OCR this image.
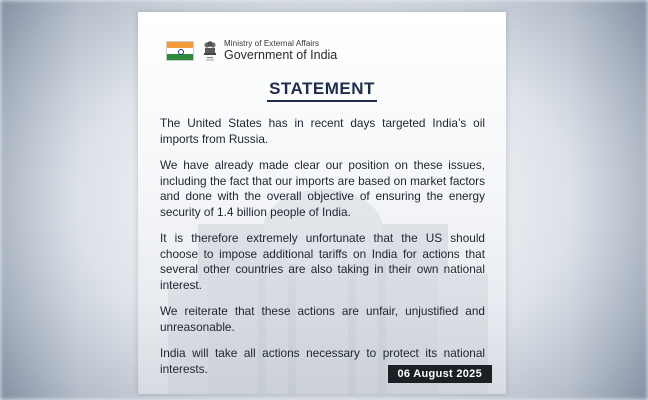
Ministry of External Affairs
Government of India
STATEMENT

The United States has in recent days targeted India’s oil imports from Russia.

We have already made clear our position on these issues, including the fact that our imports are based on market factors and done with the overall objective of ensuring the energy security of 1.4 billion people of India.

It is therefore extremely unfortunate that the US should choose to impose additional tariffs on India for actions that several other countries are also taking in their own national interest.

We reiterate that these actions are unfair, unjustified and unreasonable.

India will take all actions necessary to protect its national interests.	06 August 2025
